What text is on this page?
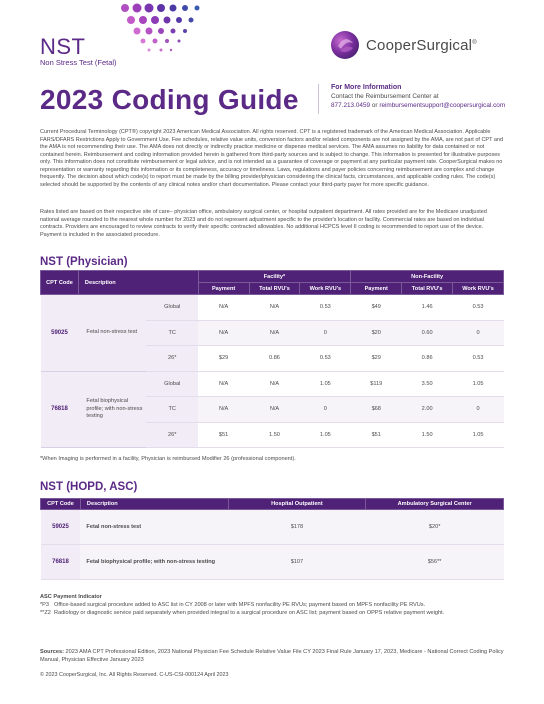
NST
Non Stress Test (Fetal)
CooperSurgical®
2023 Coding Guide	For More Information
Contact the Reimbursement Center at
877.213.0459 or reimbursementsupport@coopersurgical.com

Current Procedural Terminology (CPT®) copyright 2023 American Medical Association. All rights reserved. CPT is a registered trademark of the American Medical Association. Applicable FARS/DFARS Restrictions Apply to Government Use. Fee schedules, relative value units, conversion factors and/or related components are not assigned by the AMA, are not part of CPT and the AMA is not recommending their use. The AMA does not directly or indirectly practice medicine or dispense medical services. The AMA assumes no liability for data contained or not contained herein. Reimbursement and coding information provided herein is gathered from third-party sources and is subject to change. This information is presented for illustrative purposes only. This information does not constitute reimbursement or legal advice, and is not intended as a guarantee of coverage or payment at any particular payment rate. CooperSurgical makes no representation or warranty regarding this information or its completeness, accuracy or timeliness. Laws, regulations and payer policies concerning reimbursement are complex and change frequently. The decision about which code(s) to report must be made by the billing provider/physician considering the clinical facts, circumstances, and applicable coding rules. The code(s) selected should be supported by the contents of any clinical notes and/or chart documentation. Please contact your third-party payer for more specific guidance.

Rates listed are based on their respective site of care– physician office, ambulatory surgical center, or hospital outpatient department. All rates provided are for the Medicare unadjusted national average rounded to the nearest whole number for 2023 and do not represent adjustment specific to the provider's location or facility. Commercial rates are based on individual contracts. Providers are encouraged to review contracts to verify their specific contracted allowables. No additional HCPCS level II coding is recommended to report use of the device. Payment is included in the associated procedure.

NST (Physician)
CPT Code	Description		Facility*			Non-Facility		
			Payment	Total RVU's	Work RVU's	Payment	Total RVU's	Work RVU's
59025	Fetal non-stress test	Global	N/A	N/A	0.53	$49	1.46	0.53
		TC	N/A	N/A	0	$20	0.60	0
		26*	$29	0.86	0.53	$29	0.86	0.53
76818	Fetal biophysical profile; with non-stress testing	Global	N/A	N/A	1.05	$119	3.50	1.05
		TC	N/A	N/A	0	$68	2.00	0
		26*	$51	1.50	1.05	$51	1.50	1.05
*When Imaging is performed in a facility, Physician is reimbursed Modifier 26 (professional component).
NST (HOPD, ASC)
CPT Code	Description	Hospital Outpatient	Ambulatory Surgical Center
59025	Fetal non-stress test	$178	$20*
76818	Fetal biophysical profile; with non-stress testing	$107	$56**
ASC Payment Indicator
*P3 Office-based surgical procedure added to ASC list in CY 2008 or later with MPFS nonfacility PE RVUs; payment based on MPFS nonfacility PE RVUs.
**Z2 Radiology or diagnostic service paid separately when provided integral to a surgical procedure on ASC list; payment based on OPPS relative payment weight.
Sources: 2023 AMA CPT Professional Edition, 2023 National Physician Fee Schedule Relative Value File CY 2023 Final Rule January 17, 2023, Medicare - National Correct Coding Policy Manual, Physician Effective January 2023
© 2023 CooperSurgical, Inc. All Rights Reserved. C-US-CSI-000124 April 2023
